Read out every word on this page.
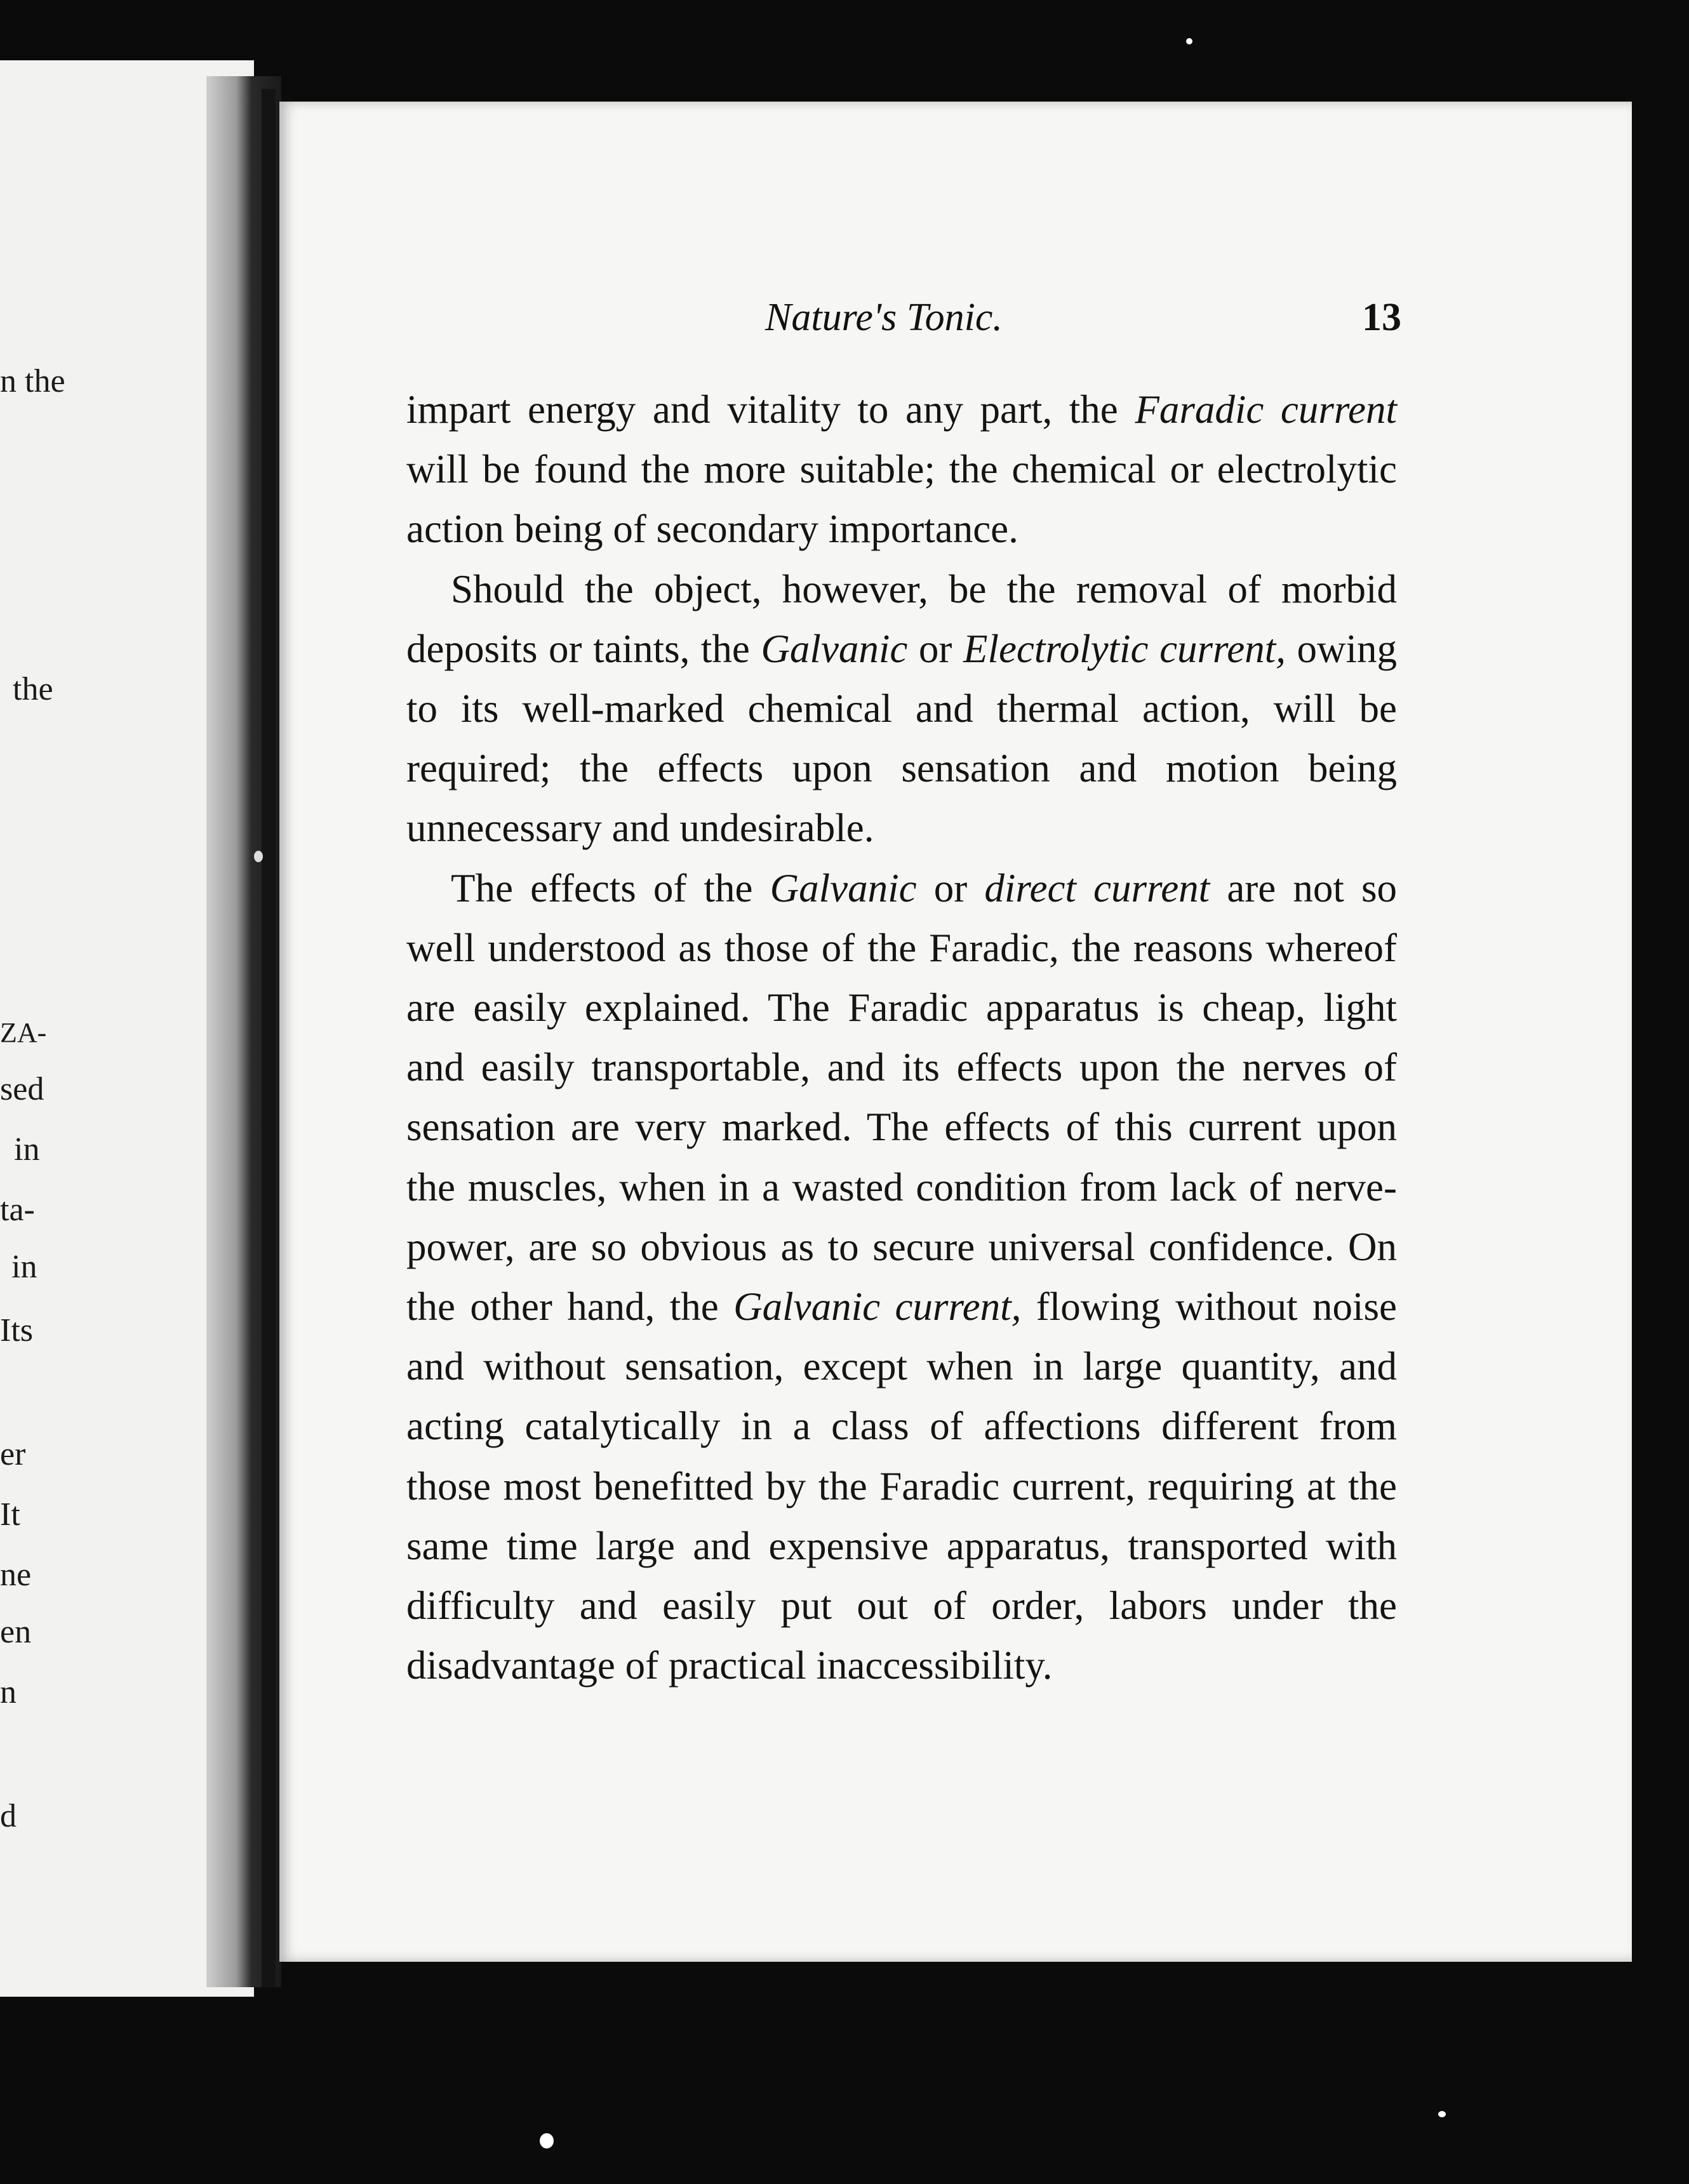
n the
the
ZA-
sed
in
ta-
in
Its
er
It
ne
en
n
d
Nature's Tonic.	13

impart energy and vitality to any part, the Faradic current will be found the more suitable; the chemical or electrolytic action being of secondary importance.

Should the object, however, be the removal of morbid deposits or taints, the Galvanic or Electrolytic current, owing to its well-marked chemical and thermal action, will be required; the effects upon sensation and motion being unnecessary and undesirable.

The effects of the Galvanic or direct current are not so well understood as those of the Faradic, the reasons whereof are easily explained. The Faradic apparatus is cheap, light and easily transportable, and its effects upon the nerves of sensation are very marked. The effects of this current upon the muscles, when in a wasted condition from lack of nerve-power, are so obvious as to secure universal confidence. On the other hand, the Galvanic current, flowing without noise and without sensation, except when in large quantity, and acting catalytically in a class of affections different from those most benefitted by the Faradic current, requiring at the same time large and expensive apparatus, transported with difficulty and easily put out of order, labors under the disadvantage of practical inaccessibility.
